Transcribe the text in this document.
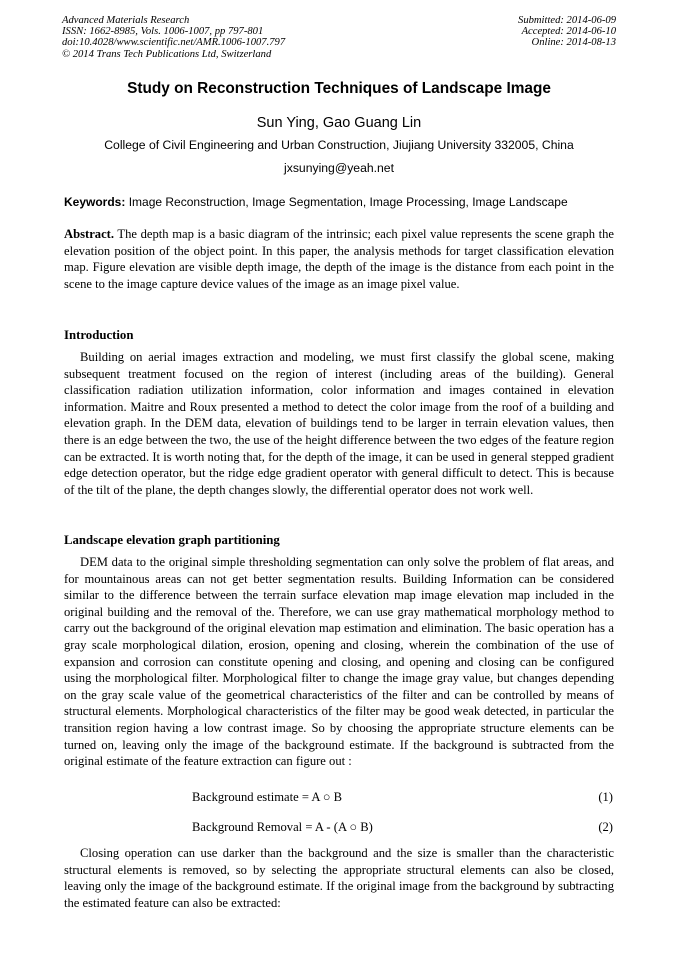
Advanced Materials Research
ISSN: 1662-8985, Vols. 1006-1007, pp 797-801
doi:10.4028/www.scientific.net/AMR.1006-1007.797
© 2014 Trans Tech Publications Ltd, Switzerland
Submitted: 2014-06-09
Accepted: 2014-06-10
Online: 2014-08-13
Study on Reconstruction Techniques of Landscape Image
Sun Ying, Gao Guang Lin
College of Civil Engineering and Urban Construction, Jiujiang University 332005, China
jxsunying@yeah.net
Keywords: Image Reconstruction, Image Segmentation, Image Processing, Image Landscape
Abstract. The depth map is a basic diagram of the intrinsic; each pixel value represents the scene graph the elevation position of the object point. In this paper, the analysis methods for target classification elevation map. Figure elevation are visible depth image, the depth of the image is the distance from each point in the scene to the image capture device values of the image as an image pixel value.
Introduction
Building on aerial images extraction and modeling, we must first classify the global scene, making subsequent treatment focused on the region of interest (including areas of the building). General classification radiation utilization information, color information and images contained in elevation information. Maitre and Roux presented a method to detect the color image from the roof of a building and elevation graph. In the DEM data, elevation of buildings tend to be larger in terrain elevation values, then there is an edge between the two, the use of the height difference between the two edges of the feature region can be extracted. It is worth noting that, for the depth of the image, it can be used in general stepped gradient edge detection operator, but the ridge edge gradient operator with general difficult to detect. This is because of the tilt of the plane, the depth changes slowly, the differential operator does not work well.
Landscape elevation graph partitioning
DEM data to the original simple thresholding segmentation can only solve the problem of flat areas, and for mountainous areas can not get better segmentation results. Building Information can be considered similar to the difference between the terrain surface elevation map image elevation map included in the original building and the removal of the. Therefore, we can use gray mathematical morphology method to carry out the background of the original elevation map estimation and elimination. The basic operation has a gray scale morphological dilation, erosion, opening and closing, wherein the combination of the use of expansion and corrosion can constitute opening and closing, and opening and closing can be configured using the morphological filter. Morphological filter to change the image gray value, but changes depending on the gray scale value of the geometrical characteristics of the filter and can be controlled by means of structural elements. Morphological characteristics of the filter may be good weak detected, in particular the transition region having a low contrast image. So by choosing the appropriate structure elements can be turned on, leaving only the image of the background estimate. If the background is subtracted from the original estimate of the feature extraction can figure out :
Background estimate = A ○ B	(1)
Background Removal = A - (A ○ B)	(2)
Closing operation can use darker than the background and the size is smaller than the characteristic structural elements is removed, so by selecting the appropriate structural elements can also be closed, leaving only the image of the background estimate. If the original image from the background by subtracting the estimated feature can also be extracted:
